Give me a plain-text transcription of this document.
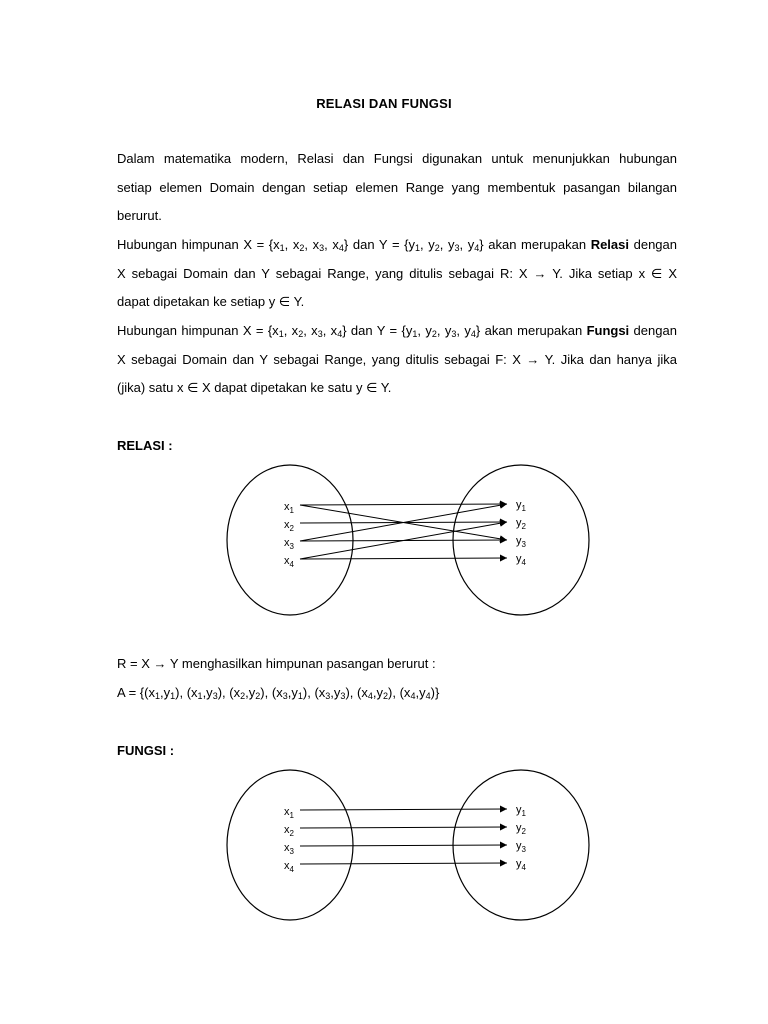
RELASI DAN FUNGSI
Dalam matematika modern, Relasi dan Fungsi digunakan untuk menunjukkan hubungan
setiap elemen Domain dengan setiap elemen Range yang membentuk pasangan bilangan
berurut.
Hubungan himpunan $X = \{x_1$, $x_2$, $x_3$, $x_4$} dan $Y = \{y_1$, $y_2$, $y_3$, $y_4$} akan merupakan Relasi dengan
X sebagai Domain dan Y sebagai Range, yang ditulis sebagai R: X → Y. Jika setiap x ∈ X
dapat dipetakan ke setiap y ∈ Y.
Hubungan himpunan $X = \{x_1$, $x_2$, $x_3$, $x_4$} dan $Y = \{y_1$, $y_2$, $y_3$, $y_4$} akan merupakan Fungsi dengan
X sebagai Domain dan Y sebagai Range, yang ditulis sebagai F: X → Y. Jika dan hanya jika
(jika) satu x ∈ X dapat dipetakan ke satu y ∈ Y.
RELASI :
$x_1$	$y_1$
$x_2$	$y_2$
$x_3$	$y_3$
$x_4$	$y_4$
R = X → Y menghasilkan himpunan pasangan berurut :
$A = \{(x_1,y_1)$, $(x_1,y_3)$, $(x_2,y_2)$, $(x_3,y_1)$, $(x_3,y_3)$, $(x_4,y_2)$, $(x_4,y_4)$}
FUNGSI :
$x_1$	$y_1$
$x_2$	$y_2$
$x_3$	$y_3$
$x_4$	$y_4$
